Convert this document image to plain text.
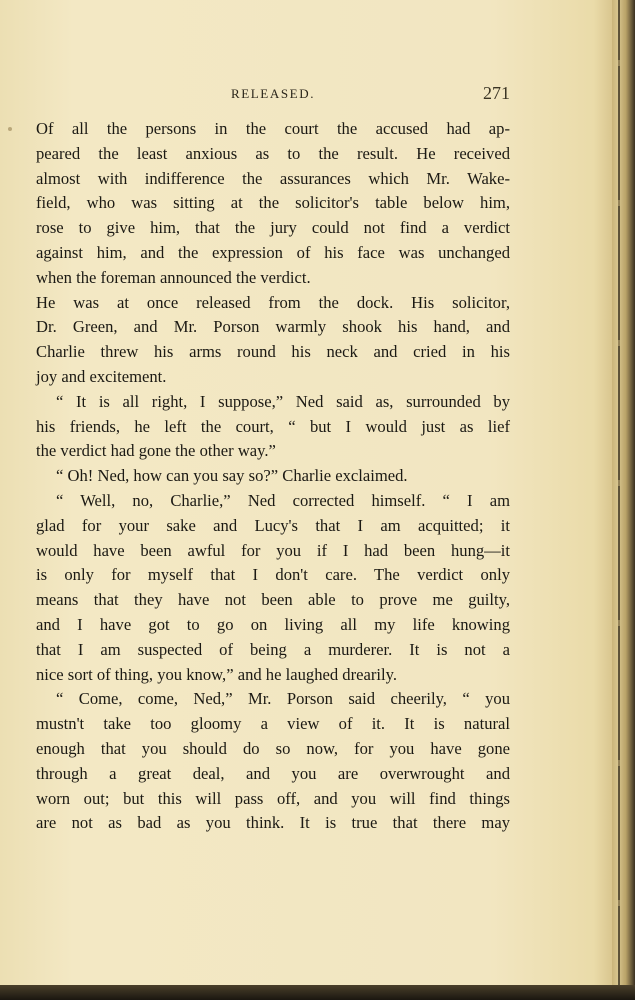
RELEASED.	271
Of all the persons in the court the accused had ap-
peared the least anxious as to the result. He received
almost with indifference the assurances which Mr. Wake-
field, who was sitting at the solicitor's table below him,
rose to give him, that the jury could not find a verdict
against him, and the expression of his face was unchanged
when the foreman announced the verdict.
He was at once released from the dock. His solicitor,
Dr. Green, and Mr. Porson warmly shook his hand, and
Charlie threw his arms round his neck and cried in his
joy and excitement.
“ It is all right, I suppose,” Ned said as, surrounded by
his friends, he left the court, “ but I would just as lief
the verdict had gone the other way.”
“ Oh! Ned, how can you say so?” Charlie exclaimed.
“ Well, no, Charlie,” Ned corrected himself. “ I am
glad for your sake and Lucy's that I am acquitted; it
would have been awful for you if I had been hung—it
is only for myself that I don't care. The verdict only
means that they have not been able to prove me guilty,
and I have got to go on living all my life knowing
that I am suspected of being a murderer. It is not a
nice sort of thing, you know,” and he laughed drearily.
“ Come, come, Ned,” Mr. Porson said cheerily, “ you
mustn't take too gloomy a view of it. It is natural
enough that you should do so now, for you have gone
through a great deal, and you are overwrought and
worn out; but this will pass off, and you will find things
are not as bad as you think. It is true that there may
